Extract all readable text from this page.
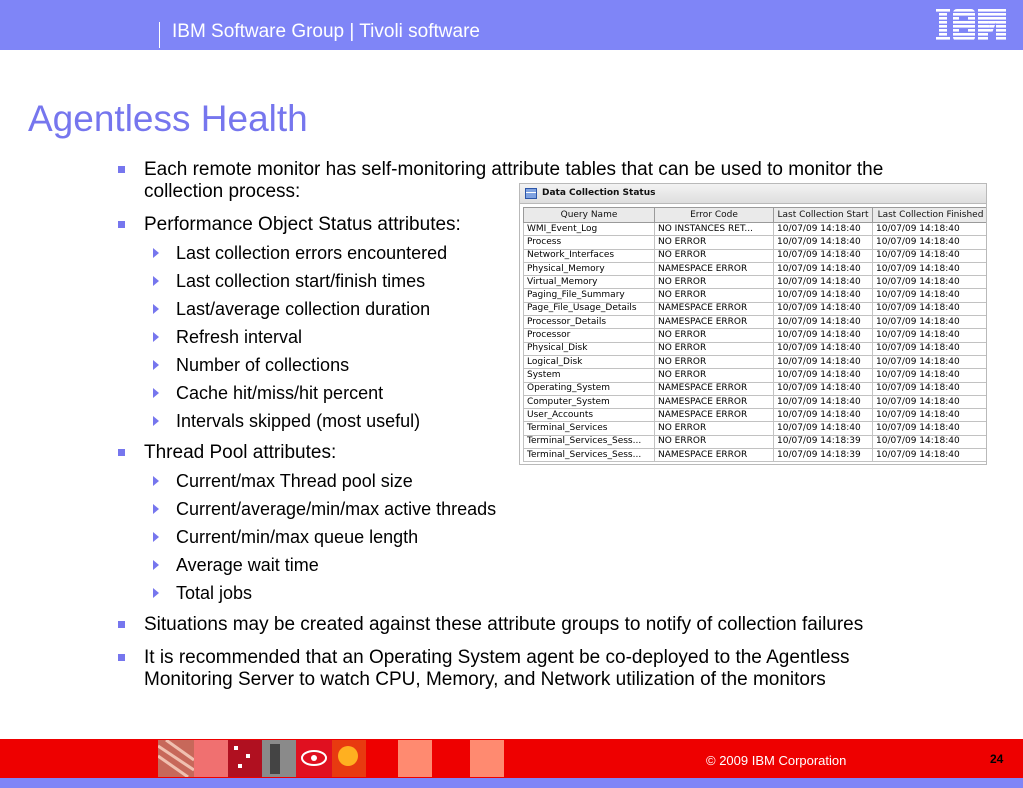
IBM Software Group | Tivoli software
Agentless Health
Each remote monitor has self-monitoring attribute tables that can be used to monitor the
collection process:
Performance Object Status attributes:
Last collection errors encountered
Last collection start/finish times
Last/average collection duration
Refresh interval
Number of collections
Cache hit/miss/hit percent
Intervals skipped (most useful)
Thread Pool attributes:
Current/max Thread pool size
Current/average/min/max active threads
Current/min/max queue length
Average wait time
Total jobs
Situations may be created against these attribute groups to notify of collection failures
It is recommended that an Operating System agent be co-deployed to the Agentless
Monitoring Server to watch CPU, Memory, and Network utilization of the monitors
Data Collection Status
Query Name	Error Code	Last Collection Start	Last Collection Finished
WMI_Event_Log	NO INSTANCES RET...	10/07/09 14:18:40	10/07/09 14:18:40
Process	NO ERROR	10/07/09 14:18:40	10/07/09 14:18:40
Network_Interfaces	NO ERROR	10/07/09 14:18:40	10/07/09 14:18:40
Physical_Memory	NAMESPACE ERROR	10/07/09 14:18:40	10/07/09 14:18:40
Virtual_Memory	NO ERROR	10/07/09 14:18:40	10/07/09 14:18:40
Paging_File_Summary	NO ERROR	10/07/09 14:18:40	10/07/09 14:18:40
Page_File_Usage_Details	NAMESPACE ERROR	10/07/09 14:18:40	10/07/09 14:18:40
Processor_Details	NAMESPACE ERROR	10/07/09 14:18:40	10/07/09 14:18:40
Processor	NO ERROR	10/07/09 14:18:40	10/07/09 14:18:40
Physical_Disk	NO ERROR	10/07/09 14:18:40	10/07/09 14:18:40
Logical_Disk	NO ERROR	10/07/09 14:18:40	10/07/09 14:18:40
System	NO ERROR	10/07/09 14:18:40	10/07/09 14:18:40
Operating_System	NAMESPACE ERROR	10/07/09 14:18:40	10/07/09 14:18:40
Computer_System	NAMESPACE ERROR	10/07/09 14:18:40	10/07/09 14:18:40
User_Accounts	NAMESPACE ERROR	10/07/09 14:18:40	10/07/09 14:18:40
Terminal_Services	NO ERROR	10/07/09 14:18:40	10/07/09 14:18:40
Terminal_Services_Sess...	NO ERROR	10/07/09 14:18:39	10/07/09 14:18:40
Terminal_Services_Sess...	NAMESPACE ERROR	10/07/09 14:18:39	10/07/09 14:18:40
© 2009 IBM Corporation	24
